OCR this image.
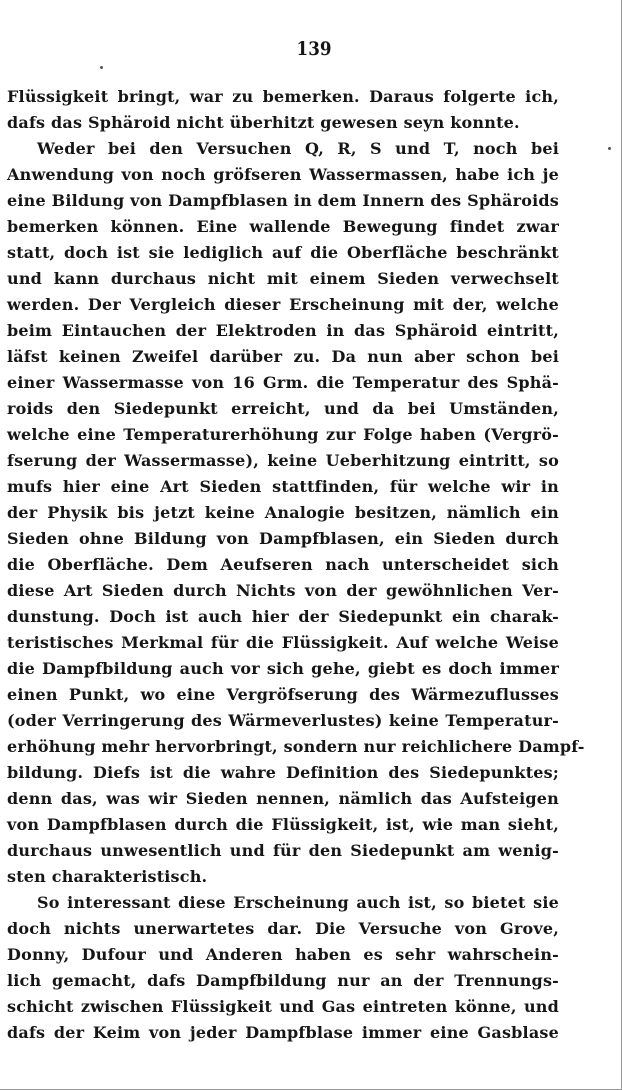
139
Flüssigkeit bringt, war zu bemerken. Daraus folgerte ich,
dafs das Sphäroid nicht überhitzt gewesen seyn konnte.
Weder bei den Versuchen Q, R, S und T, noch bei
Anwendung von noch gröfseren Wassermassen, habe ich je
eine Bildung von Dampfblasen in dem Innern des Sphäroids
bemerken können. Eine wallende Bewegung findet zwar
statt, doch ist sie lediglich auf die Oberfläche beschränkt
und kann durchaus nicht mit einem Sieden verwechselt
werden. Der Vergleich dieser Erscheinung mit der, welche
beim Eintauchen der Elektroden in das Sphäroid eintritt,
läfst keinen Zweifel darüber zu. Da nun aber schon bei
einer Wassermasse von 16 Grm. die Temperatur des Sphä-
roids den Siedepunkt erreicht, und da bei Umständen,
welche eine Temperaturerhöhung zur Folge haben (Vergrö-
fserung der Wassermasse), keine Ueberhitzung eintritt, so
mufs hier eine Art Sieden stattfinden, für welche wir in
der Physik bis jetzt keine Analogie besitzen, nämlich ein
Sieden ohne Bildung von Dampfblasen, ein Sieden durch
die Oberfläche. Dem Aeufseren nach unterscheidet sich
diese Art Sieden durch Nichts von der gewöhnlichen Ver-
dunstung. Doch ist auch hier der Siedepunkt ein charak-
teristisches Merkmal für die Flüssigkeit. Auf welche Weise
die Dampfbildung auch vor sich gehe, giebt es doch immer
einen Punkt, wo eine Vergröfserung des Wärmezuflusses
(oder Verringerung des Wärmeverlustes) keine Temperatur-
erhöhung mehr hervorbringt, sondern nur reichlichere Dampf-
bildung. Diefs ist die wahre Definition des Siedepunktes;
denn das, was wir Sieden nennen, nämlich das Aufsteigen
von Dampfblasen durch die Flüssigkeit, ist, wie man sieht,
durchaus unwesentlich und für den Siedepunkt am wenig-
sten charakteristisch.
So interessant diese Erscheinung auch ist, so bietet sie
doch nichts unerwartetes dar. Die Versuche von Grove,
Donny, Dufour und Anderen haben es sehr wahrschein-
lich gemacht, dafs Dampfbildung nur an der Trennungs-
schicht zwischen Flüssigkeit und Gas eintreten könne, und
dafs der Keim von jeder Dampfblase immer eine Gasblase
